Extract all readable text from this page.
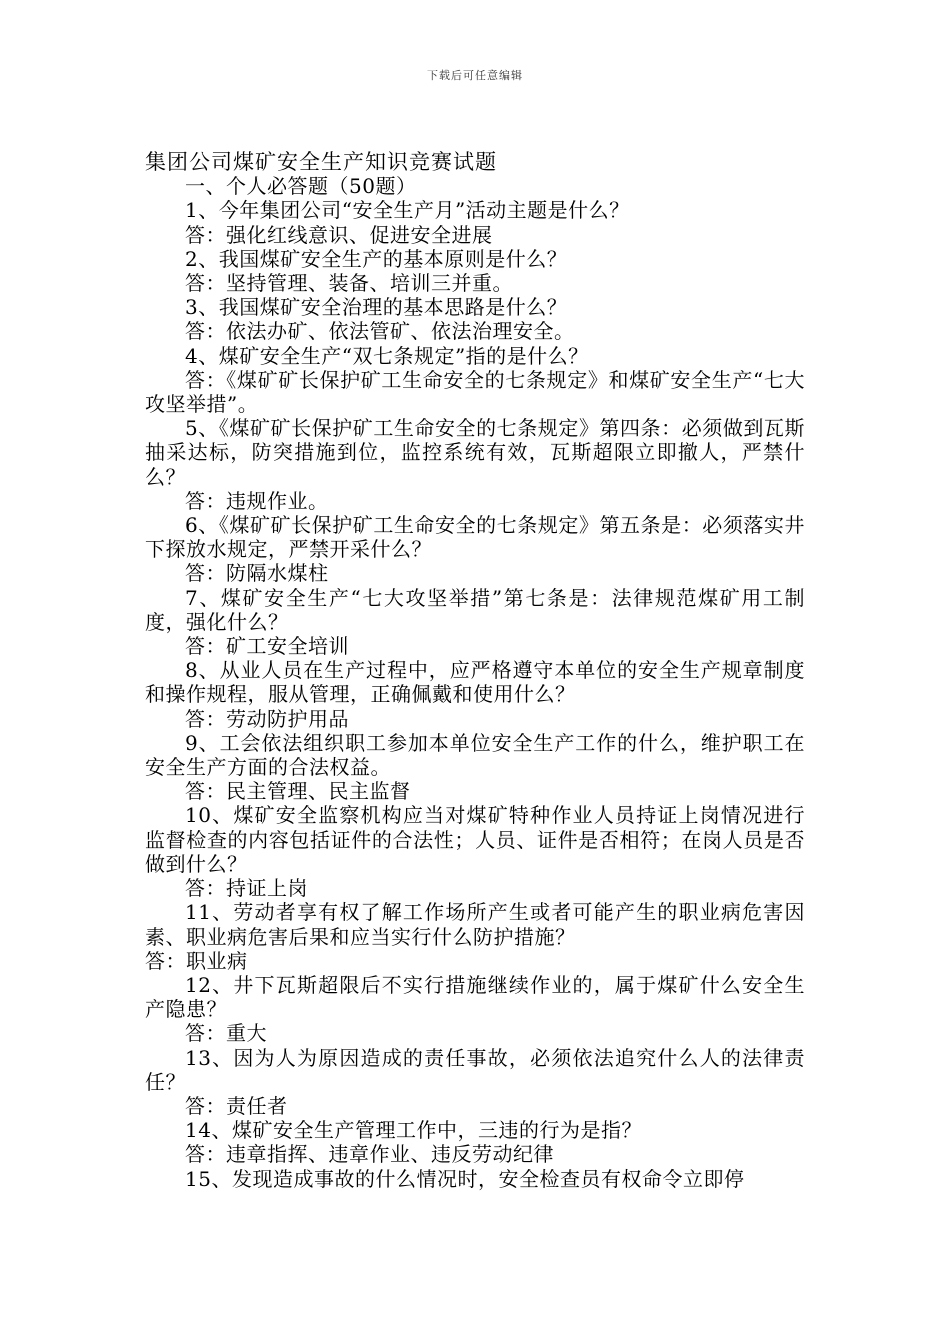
下载后可任意编辑
集团公司煤矿安全生产知识竞赛试题
一、个人必答题（50题）
1、今年集团公司“安全生产月”活动主题是什么？
答：强化红线意识、促进安全进展
2、我国煤矿安全生产的基本原则是什么？
答：坚持管理、装备、培训三并重。
3、我国煤矿安全治理的基本思路是什么？
答：依法办矿、依法管矿、依法治理安全。
4、煤矿安全生产“双七条规定”指的是什么？
答：《煤矿矿长保护矿工生命安全的七条规定》和煤矿安全生产“七大攻坚举措”。
5、《煤矿矿长保护矿工生命安全的七条规定》第四条：必须做到瓦斯抽采达标，防突措施到位，监控系统有效，瓦斯超限立即撤人，严禁什么？
答：违规作业。
6、《煤矿矿长保护矿工生命安全的七条规定》第五条是：必须落实井下探放水规定，严禁开采什么？
答：防隔水煤柱
7、煤矿安全生产“七大攻坚举措”第七条是：法律规范煤矿用工制度，强化什么？
答：矿工安全培训
8、从业人员在生产过程中，应严格遵守本单位的安全生产规章制度和操作规程，服从管理，正确佩戴和使用什么？
答：劳动防护用品
9、工会依法组织职工参加本单位安全生产工作的什么，维护职工在安全生产方面的合法权益。
答：民主管理、民主监督
10、煤矿安全监察机构应当对煤矿特种作业人员持证上岗情况进行监督检查的内容包括证件的合法性；人员、证件是否相符；在岗人员是否做到什么？
答：持证上岗
11、劳动者享有权了解工作场所产生或者可能产生的职业病危害因素、职业病危害后果和应当实行什么防护措施？
答：职业病
12、井下瓦斯超限后不实行措施继续作业的，属于煤矿什么安全生产隐患？
答：重大
13、因为人为原因造成的责任事故，必须依法追究什么人的法律责任？
答：责任者
14、煤矿安全生产管理工作中，三违的行为是指？
答：违章指挥、违章作业、违反劳动纪律
15、发现造成事故的什么情况时，安全检查员有权命令立即停
